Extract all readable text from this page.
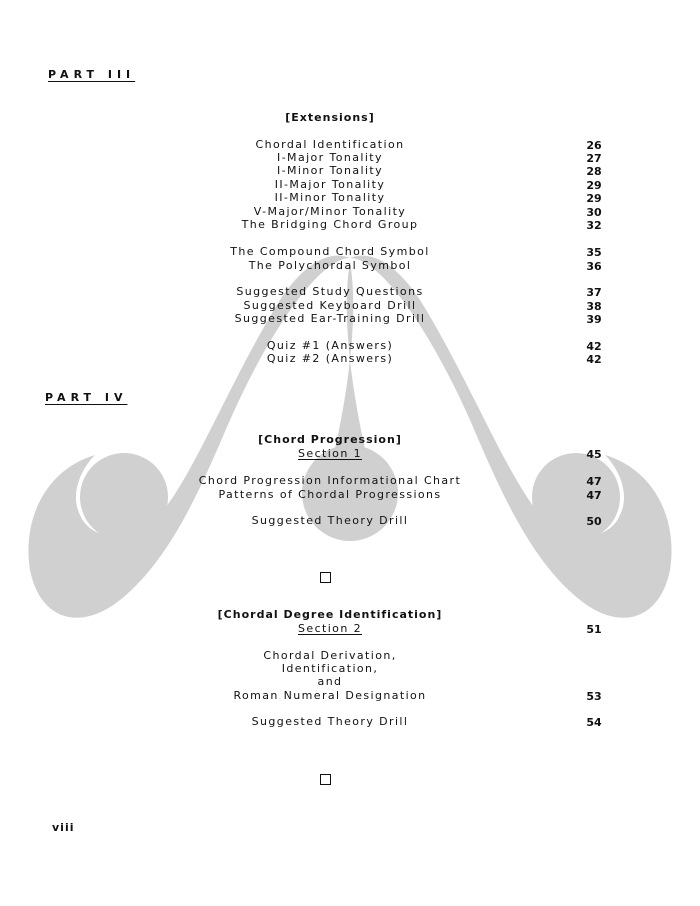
PART III
[Extensions]
Chordal Identification	26
I-Major Tonality	27
I-Minor Tonality	28
II-Major Tonality	29
II-Minor Tonality	29
V-Major/Minor Tonality	30
The Bridging Chord Group	32
The Compound Chord Symbol	35
The Polychordal Symbol	36
Suggested Study Questions	37
Suggested Keyboard Drill	38
Suggested Ear-Training Drill	39
Quiz #1 (Answers)	42
Quiz #2 (Answers)	42
PART IV
[Chord Progression]
Section 1	45
Chord Progression Informational Chart	47
Patterns of Chordal Progressions	47
Suggested Theory Drill	50
[Chordal Degree Identification]
Section 2	51
Chordal Derivation,
Identification,
and
Roman Numeral Designation	53
Suggested Theory Drill	54
viii
